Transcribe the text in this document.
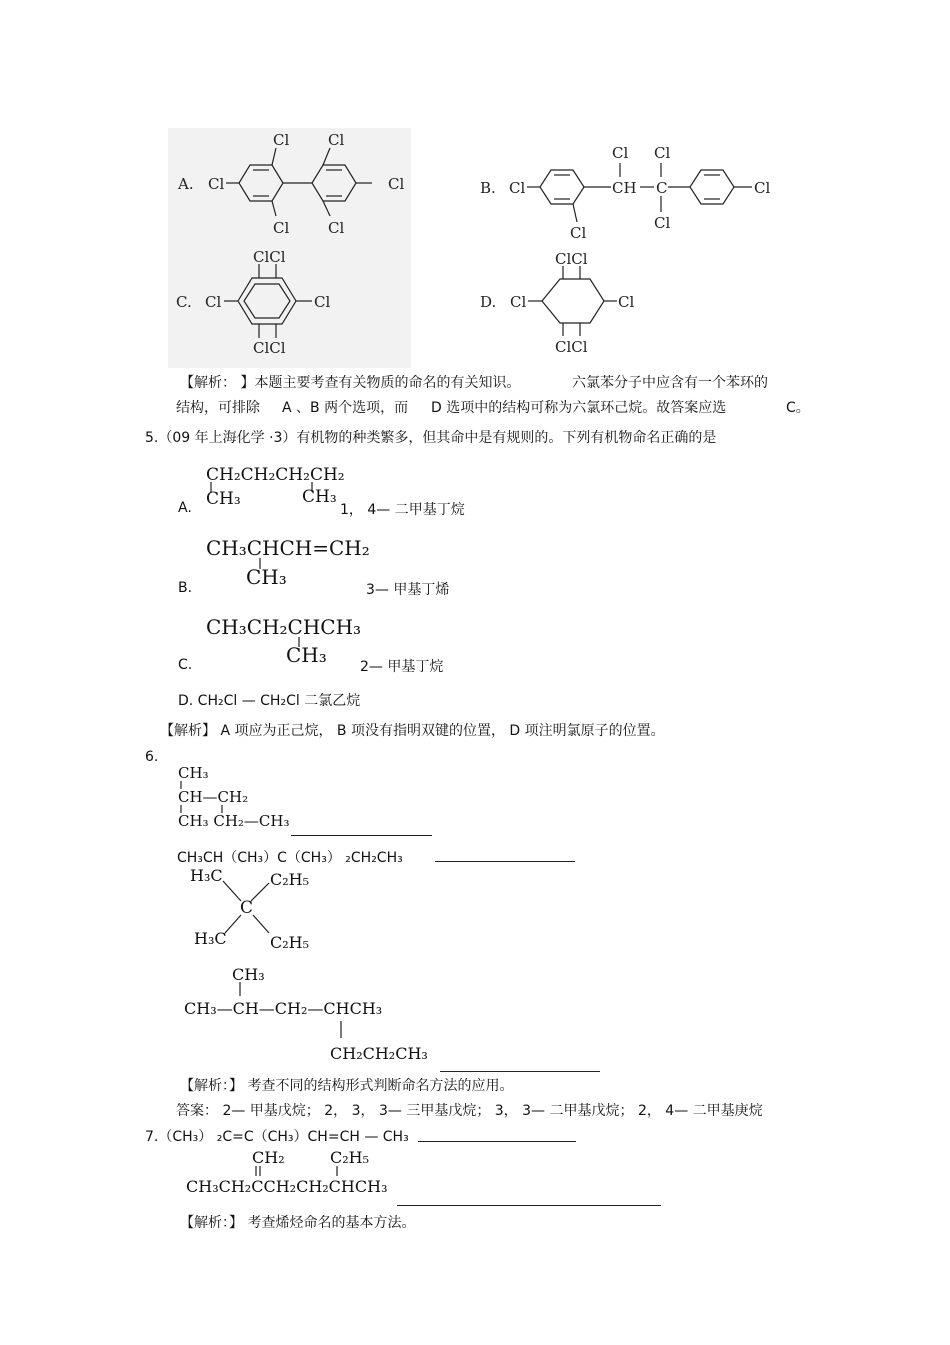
A. Cl
Cl
Cl
Cl
Cl
Cl	B. Cl
Cl
CH
Cl
C
Cl
Cl
Cl
C. Cl	Cl
ClCl
ClCl
D. Cl	Cl
ClCl
ClCl
【解析： 】本题主要考查有关物质的命名的有关知识。	六氯苯分子中应含有一个苯环的
结构，可排除 A 、B 两个选项，而 D 选项中的结构可称为六氯环己烷。故答案应选	C。
5.（09 年上海化学 ·3）有机物的种类繁多，但其命中是有规则的。下列有机物命名正确的是
CH₂CH₂CH₂CH₂
CH₃	CH₃
A.	1， 4— 二甲基丁烷
CH₃CHCH=CH₂
CH₃
B.	3— 甲基丁烯
CH₃CH₂CHCH₃
CH₃
C.	2— 甲基丁烷
D. CH₂Cl — CH₂Cl 二氯乙烷
【解析】 A 项应为正己烷， B 项没有指明双键的位置， D 项注明氯原子的位置。
6.
CH₃
CH—CH₂
CH₃ CH₂—CH₃
CH₃CH（CH₃）C（CH₃） ₂CH₂CH₃
H₃C	C₂H₅
C
H₃C	C₂H₅
CH₃
CH₃—CH—CH₂—CHCH₃
CH₂CH₂CH₃
【解析：】 考查不同的结构形式判断命名方法的应用。
答案： 2— 甲基戊烷； 2， 3， 3— 三甲基戊烷； 3， 3— 二甲基戊烷； 2， 4— 二甲基庚烷
7.（CH₃） ₂C=C（CH₃）CH=CH — CH₃
CH₂	C₂H₅
CH₃CH₂CCH₂CH₂CHCH₃
【解析：】 考查烯烃命名的基本方法。
